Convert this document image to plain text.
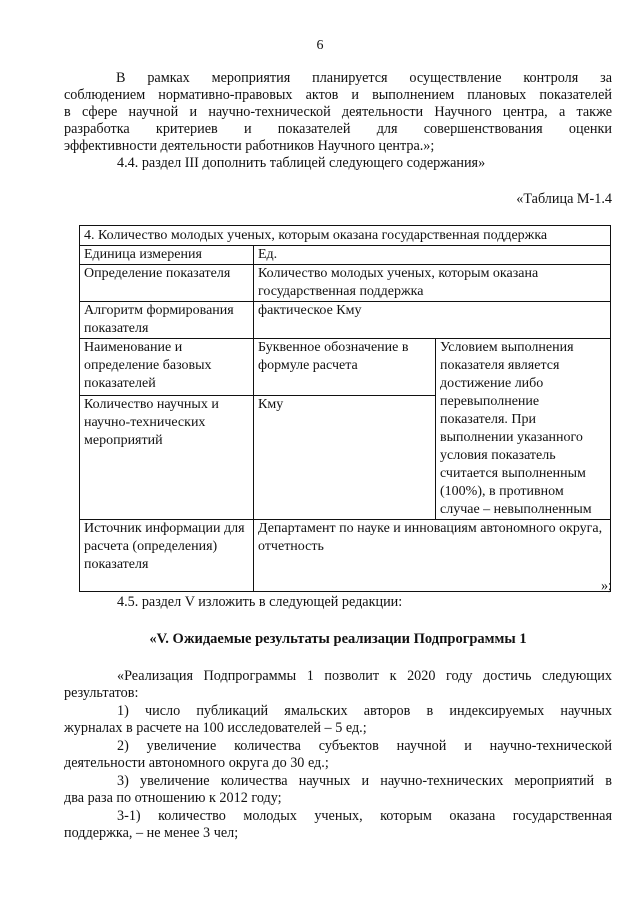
6
В рамках мероприятия планируется осуществление контроля за
соблюдением нормативно-правовых актов и выполнением плановых показателей
в сфере научной и научно-технической деятельности Научного центра, а также
разработка критериев и показателей для совершенствования оценки
эффективности деятельности работников Научного центра.»;
4.4. раздел III дополнить таблицей следующего содержания»
«Таблица М-1.4
4. Количество молодых ученых, которым оказана государственная поддержка		
Единица измерения	Ед.	
Определение показателя	Количество молодых ученых, которым оказана государственная поддержка	
Алгоритм формирования показателя	фактическое Кму	
Наименование и определение базовых показателей	Буквенное обозначение в формуле расчета	Условием выполнения показателя является достижение либо перевыполнение показателя. При выполнении указанного условия показатель считается выполненным (100%), в противном случае – невыполненным
Количество научных и научно-технических мероприятий	Кму	
Источник информации для расчета (определения) показателя	Департамент по науке и инновациям автономного округа, отчетность	
»;
4.5. раздел V изложить в следующей редакции:
«V. Ожидаемые результаты реализации Подпрограммы 1
«Реализация Подпрограммы 1 позволит к 2020 году достичь следующих
результатов:
1) число публикаций ямальских авторов в индексируемых научных
журналах в расчете на 100 исследователей – 5 ед.;
2) увеличение количества субъектов научной и научно-технической
деятельности автономного округа до 30 ед.;
3) увеличение количества научных и научно-технических мероприятий в
два раза по отношению к 2012 году;
3-1) количество молодых ученых, которым оказана государственная
поддержка, – не менее 3 чел;
